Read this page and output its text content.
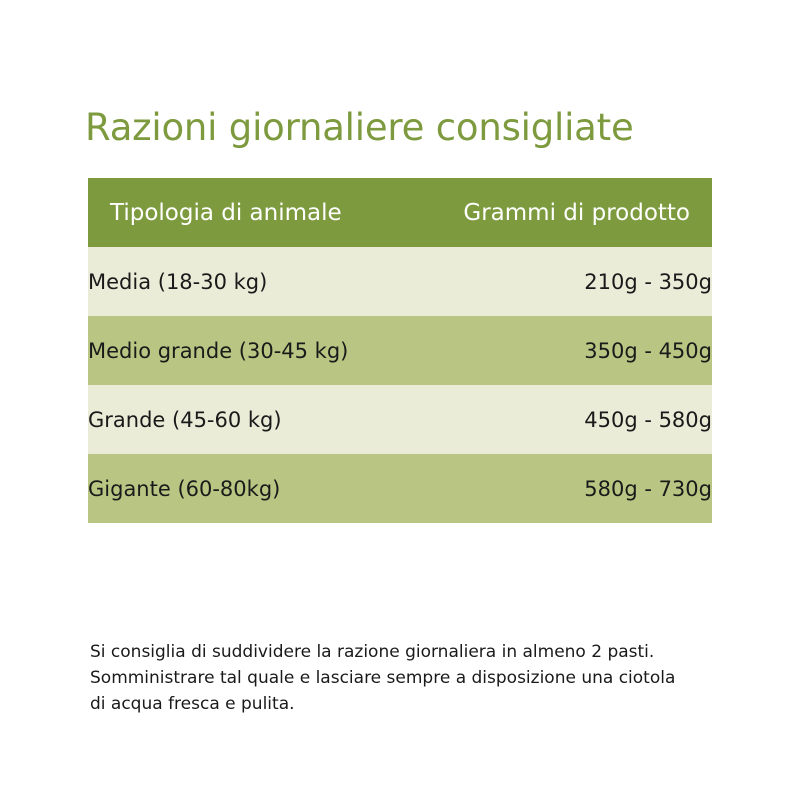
Razioni giornaliere consigliate
Tipologia di animale	Grammi di prodotto
Media (18-30 kg)	210g - 350g
Medio grande (30-45 kg)	350g - 450g
Grande (45-60 kg)	450g - 580g
Gigante (60-80kg)	580g - 730g

Si consiglia di suddividere la razione giornaliera in almeno 2 pasti. Somministrare tal quale e lasciare sempre a disposizione una ciotola di acqua fresca e pulita.
